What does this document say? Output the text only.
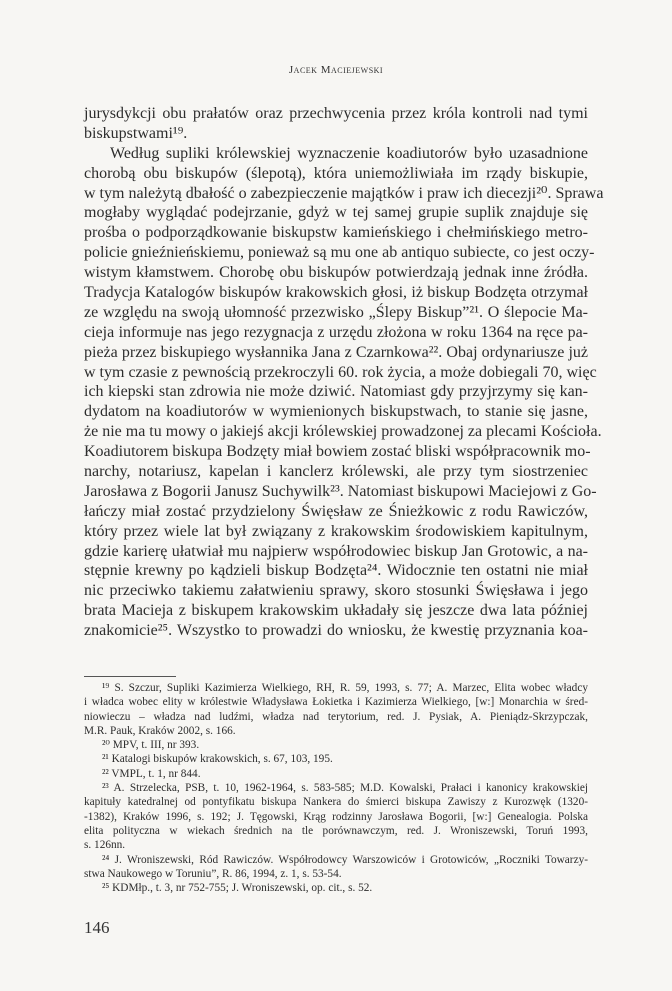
Jacek Maciejewski
jurysdykcji obu prałatów oraz przechwycenia przez króla kontroli nad tymi
biskupstwami¹⁹.
Według supliki królewskiej wyznaczenie koadiutorów było uzasadnione
chorobą obu biskupów (ślepotą), która uniemożliwiała im rządy biskupie,
w tym należytą dbałość o zabezpieczenie majątków i praw ich diecezji²⁰. Sprawa
mogłaby wyglądać podejrzanie, gdyż w tej samej grupie suplik znajduje się
prośba o podporządkowanie biskupstw kamieńskiego i chełmińskiego metro-
policie gnieźnieńskiemu, ponieważ są mu one ab antiquo subiecte, co jest oczy-
wistym kłamstwem. Chorobę obu biskupów potwierdzają jednak inne źródła.
Tradycja Katalogów biskupów krakowskich głosi, iż biskup Bodzęta otrzymał
ze względu na swoją ułomność przezwisko „Ślepy Biskup”²¹. O ślepocie Ma-
cieja informuje nas jego rezygnacja z urzędu złożona w roku 1364 na ręce pa-
pieża przez biskupiego wysłannika Jana z Czarnkowa²². Obaj ordynariusze już
w tym czasie z pewnością przekroczyli 60. rok życia, a może dobiegali 70, więc
ich kiepski stan zdrowia nie może dziwić. Natomiast gdy przyjrzymy się kan-
dydatom na koadiutorów w wymienionych biskupstwach, to stanie się jasne,
że nie ma tu mowy o jakiejś akcji królewskiej prowadzonej za plecami Kościoła.
Koadiutorem biskupa Bodzęty miał bowiem zostać bliski współpracownik mo-
narchy, notariusz, kapelan i kanclerz królewski, ale przy tym siostrzeniec
Jarosława z Bogorii Janusz Suchywilk²³. Natomiast biskupowi Maciejowi z Go-
łańczy miał zostać przydzielony Święsław ze Śnieżkowic z rodu Rawiczów,
który przez wiele lat był związany z krakowskim środowiskiem kapitulnym,
gdzie karierę ułatwiał mu najpierw współrodowiec biskup Jan Grotowic, a na-
stępnie krewny po kądzieli biskup Bodzęta²⁴. Widocznie ten ostatni nie miał
nic przeciwko takiemu załatwieniu sprawy, skoro stosunki Święsława i jego
brata Macieja z biskupem krakowskim układały się jeszcze dwa lata później
znakomicie²⁵. Wszystko to prowadzi do wniosku, że kwestię przyznania koa-
¹⁹ S. Szczur, Supliki Kazimierza Wielkiego, RH, R. 59, 1993, s. 77; A. Marzec, Elita wobec władcy
i władca wobec elity w królestwie Władysława Łokietka i Kazimierza Wielkiego, [w:] Monarchia w śred-
niowieczu – władza nad ludźmi, władza nad terytorium, red. J. Pysiak, A. Pieniądz-Skrzypczak,
M.R. Pauk, Kraków 2002, s. 166.
²⁰ MPV, t. III, nr 393.
²¹ Katalogi biskupów krakowskich, s. 67, 103, 195.
²² VMPL, t. 1, nr 844.
²³ A. Strzelecka, PSB, t. 10, 1962-1964, s. 583-585; M.D. Kowalski, Prałaci i kanonicy krakowskiej
kapituły katedralnej od pontyfikatu biskupa Nankera do śmierci biskupa Zawiszy z Kurozwęk (1320-
-1382), Kraków 1996, s. 192; J. Tęgowski, Krąg rodzinny Jarosława Bogorii, [w:] Genealogia. Polska
elita polityczna w wiekach średnich na tle porównawczym, red. J. Wroniszewski, Toruń 1993,
s. 126nn.
²⁴ J. Wroniszewski, Ród Rawiczów. Współrodowcy Warszowiców i Grotowiców, „Roczniki Towarzy-
stwa Naukowego w Toruniu”, R. 86, 1994, z. 1, s. 53-54.
²⁵ KDMłp., t. 3, nr 752-755; J. Wroniszewski, op. cit., s. 52.
146
